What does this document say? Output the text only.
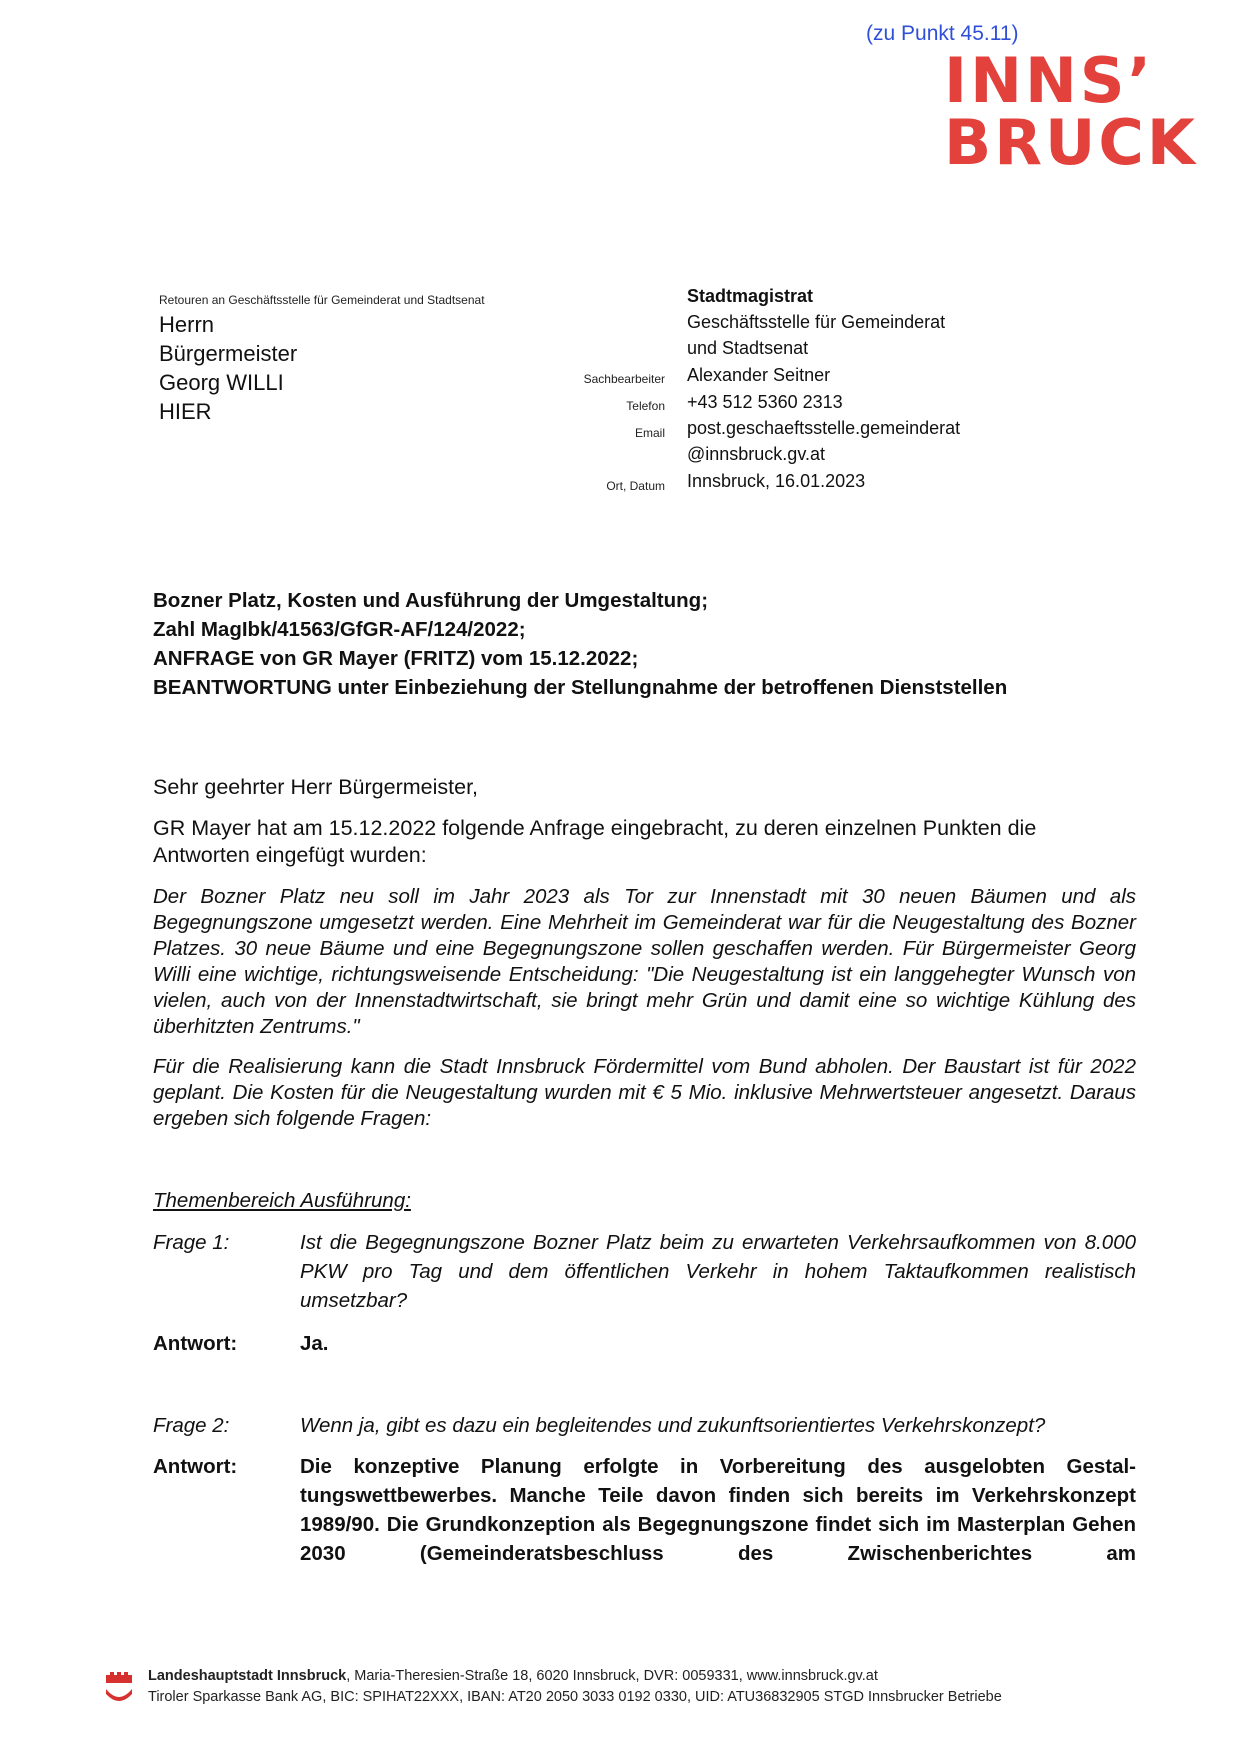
(zu Punkt 45.11)
INNS’
BRUCK
Retouren an Geschäftsstelle für Gemeinderat und Stadtsenat
Herrn
Bürgermeister
Georg WILLI
HIER
Stadtmagistrat
Geschäftsstelle für Gemeinderat
und Stadtsenat
Sachbearbeiter Alexander Seitner
Telefon +43 512 5360 2313
Email post.geschaeftsstelle.gemeinderat
@innsbruck.gv.at
Ort, Datum Innsbruck, 16.01.2023
Bozner Platz, Kosten und Ausführung der Umgestaltung;
Zahl MagIbk/41563/GfGR-AF/124/2022;
ANFRAGE von GR Mayer (FRITZ) vom 15.12.2022;
BEANTWORTUNG unter Einbeziehung der Stellungnahme der betroffenen Dienststellen
Sehr geehrter Herr Bürgermeister,
GR Mayer hat am 15.12.2022 folgende Anfrage eingebracht, zu deren einzelnen Punkten die Antworten eingefügt wurden:
Der Bozner Platz neu soll im Jahr 2023 als Tor zur Innenstadt mit 30 neuen Bäumen und als Begegnungszone umgesetzt werden. Eine Mehrheit im Gemeinderat war für die Neugestaltung des Bozner Platzes. 30 neue Bäume und eine Begegnungszone sollen geschaffen werden. Für Bürgermeister Georg Willi eine wichtige, richtungsweisende Entscheidung: "Die Neugestaltung ist ein langgehegter Wunsch von vielen, auch von der Innenstadtwirtschaft, sie bringt mehr Grün und damit eine so wichtige Kühlung des überhitzten Zentrums."
Für die Realisierung kann die Stadt Innsbruck Fördermittel vom Bund abholen. Der Baustart ist für 2022 geplant. Die Kosten für die Neugestaltung wurden mit € 5 Mio. inklusive Mehrwertsteuer angesetzt. Daraus ergeben sich folgende Fragen:
Themenbereich Ausführung:
Frage 1:	Ist die Begegnungszone Bozner Platz beim zu erwarteten Verkehrsaufkommen von 8.000 PKW pro Tag und dem öffentlichen Verkehr in hohem Taktaufkommen realistisch umsetzbar?
Antwort:	Ja.
Frage 2:	Wenn ja, gibt es dazu ein begleitendes und zukunftsorientiertes Verkehrskonzept?
Antwort:	Die konzeptive Planung erfolgte in Vorbereitung des ausgelobten Gestaltungswettbewerbes. Manche Teile davon finden sich bereits im Verkehrskonzept 1989/90. Die Grundkonzeption als Begegnungszone findet sich im Masterplan Gehen 2030 (Gemeinderatsbeschluss des Zwischenberichtes am
Landeshauptstadt Innsbruck, Maria-Theresien-Straße 18, 6020 Innsbruck, DVR: 0059331, www.innsbruck.gv.at
Tiroler Sparkasse Bank AG, BIC: SPIHAT22XXX, IBAN: AT20 2050 3033 0192 0330, UID: ATU36832905 STGD Innsbrucker Betriebe
